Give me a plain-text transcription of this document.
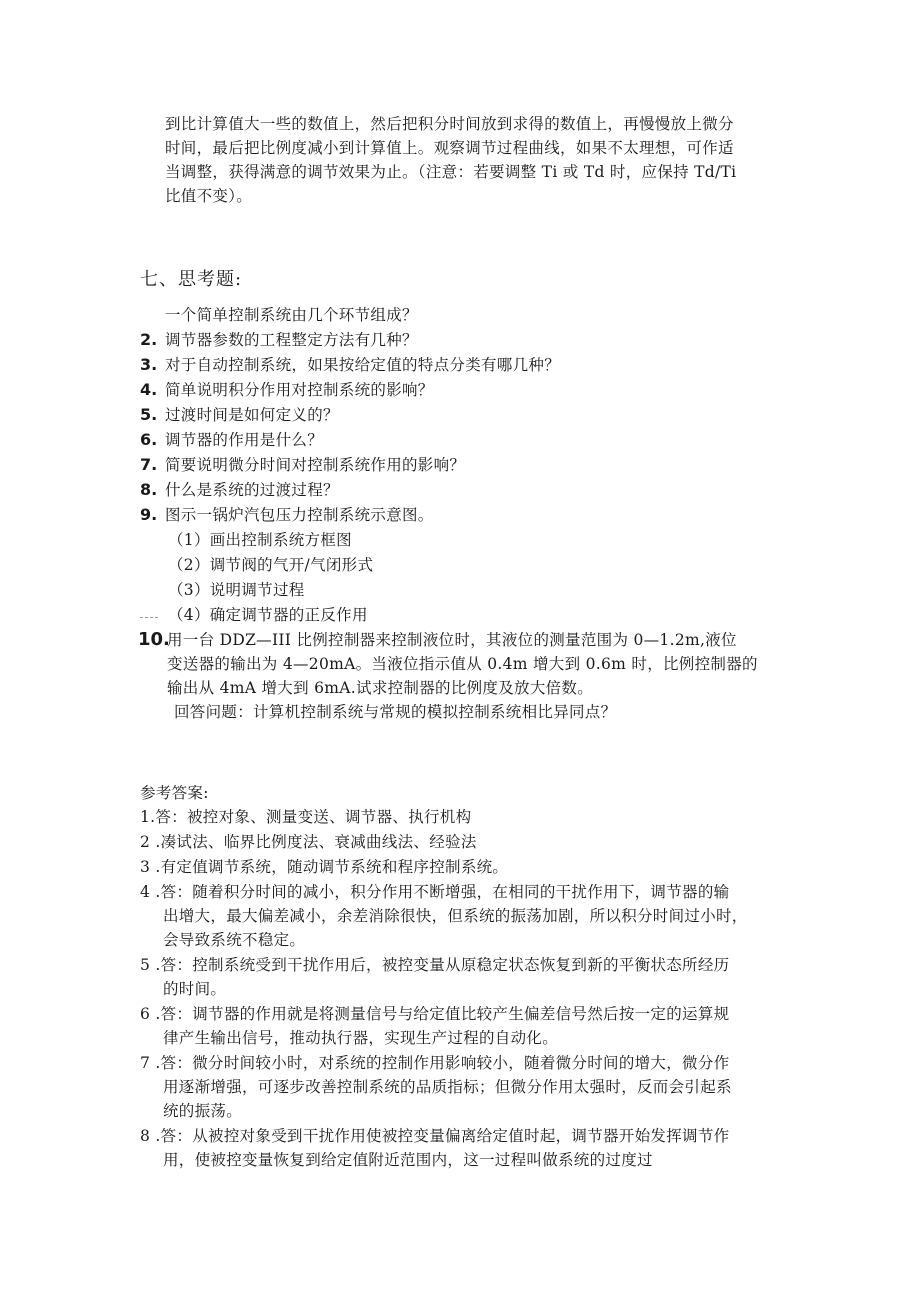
到比计算值大一些的数值上，然后把积分时间放到求得的数值上，再慢慢放上微分
时间，最后把比例度减小到计算值上。观察调节过程曲线，如果不太理想，可作适
当调整，获得满意的调节效果为止。（注意：若要调整 Ti 或 Td 时，应保持 Td/Ti
比值不变）。
七、思考题:
一个简单控制系统由几个环节组成？
2. 调节器参数的工程整定方法有几种？
3. 对于自动控制系统，如果按给定值的特点分类有哪几种？
4. 简单说明积分作用对控制系统的影响？
5. 过渡时间是如何定义的？
6. 调节器的作用是什么？
7. 简要说明微分时间对控制系统作用的影响？
8. 什么是系统的过渡过程？
9. 图示一锅炉汽包压力控制系统示意图。
（1）画出控制系统方框图
（2）调节阀的气开/气闭形式
（3）说明调节过程
（4）确定调节器的正反作用
10.
用一台 DDZ—III 比例控制器来控制液位时，其液位的测量范围为 0—1.2m,液位
变送器的输出为 4—20mA。当液位指示值从 0.4m 增大到 0.6m 时，比例控制器的
输出从 4mA 增大到 6mA.试求控制器的比例度及放大倍数。
回答问题：计算机控制系统与常规的模拟控制系统相比异同点？
参考答案:
1.答：被控对象、测量变送、调节器、执行机构
2 .凑试法、临界比例度法、衰减曲线法、经验法
3 .有定值调节系统，随动调节系统和程序控制系统。
4 .答：随着积分时间的减小，积分作用不断增强，在相同的干扰作用下，调节器的输
出增大，最大偏差减小，余差消除很快，但系统的振荡加剧，所以积分时间过小时，
会导致系统不稳定。
5 .答：控制系统受到干扰作用后，被控变量从原稳定状态恢复到新的平衡状态所经历
的时间。
6 .答：调节器的作用就是将测量信号与给定值比较产生偏差信号然后按一定的运算规
律产生输出信号，推动执行器，实现生产过程的自动化。
7 .答：微分时间较小时，对系统的控制作用影响较小，随着微分时间的增大，微分作
用逐渐增强，可逐步改善控制系统的品质指标；但微分作用太强时，反而会引起系
统的振荡。
8 .答：从被控对象受到干扰作用使被控变量偏离给定值时起，调节器开始发挥调节作
用，使被控变量恢复到给定值附近范围内，这一过程叫做系统的过度过
